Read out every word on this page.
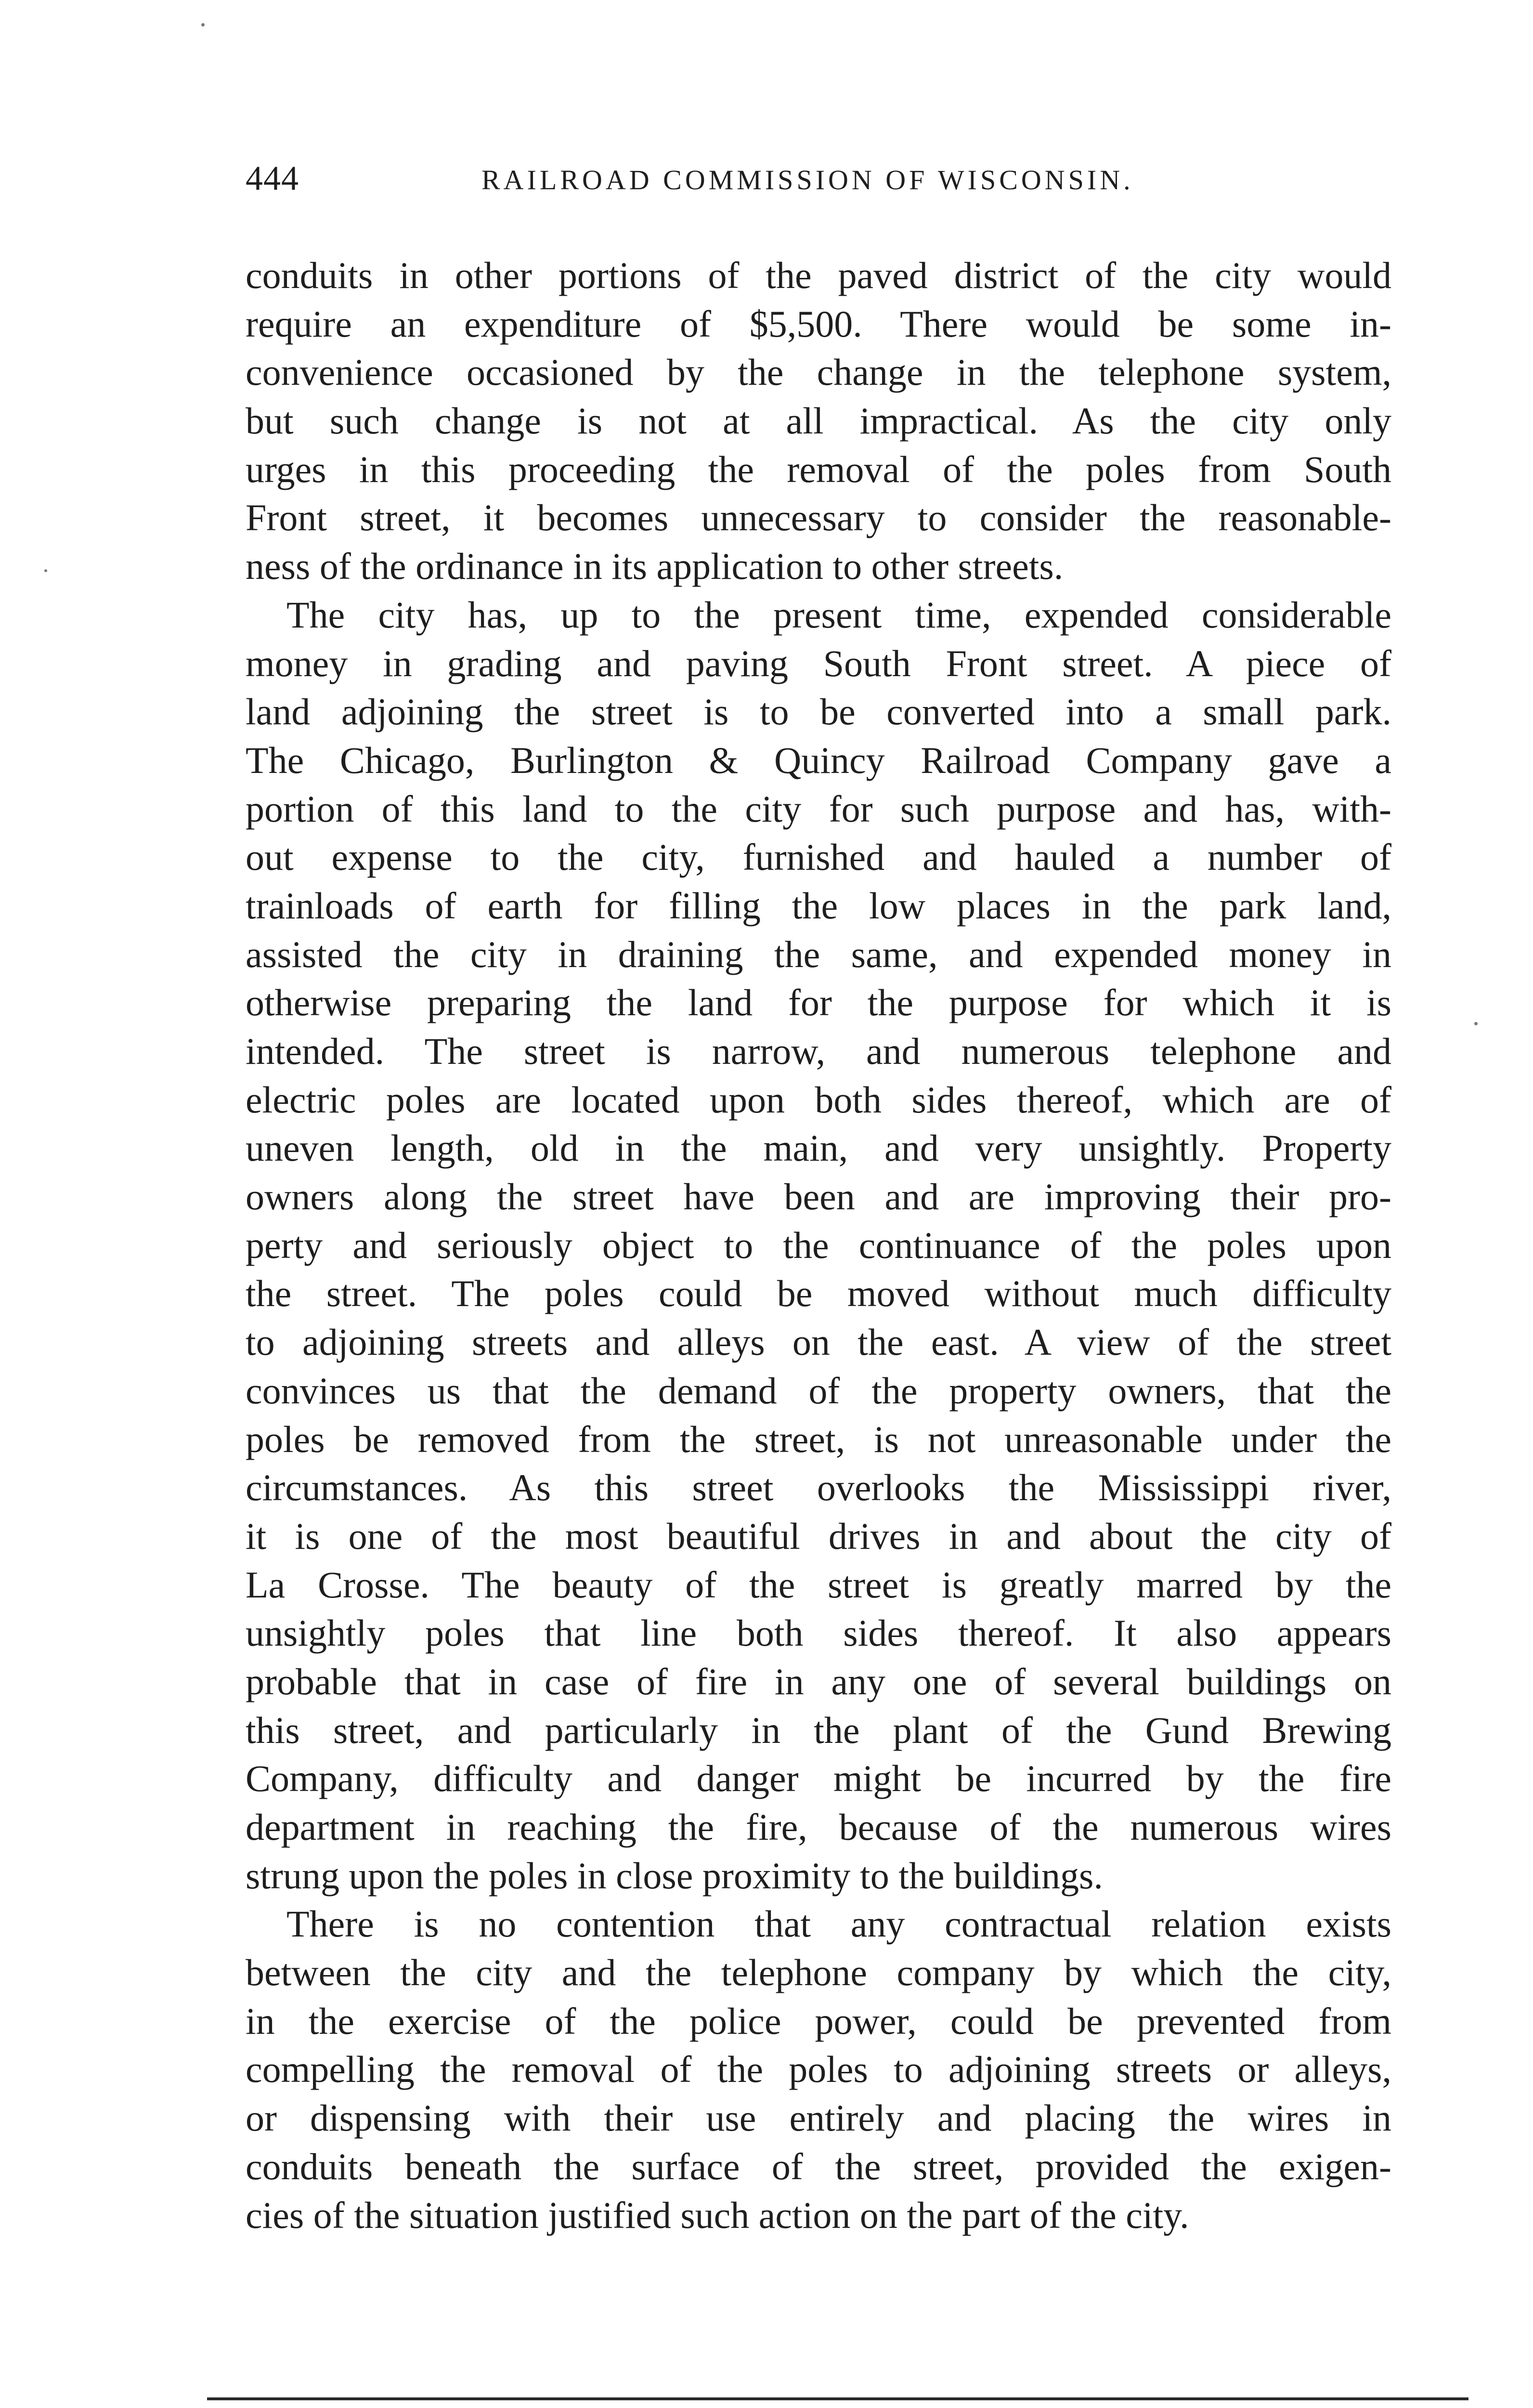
444	RAILROAD COMMISSION OF WISCONSIN.
conduits in other portions of the paved district of the city would
require an expenditure of $5,500. There would be some in-
convenience occasioned by the change in the telephone system,
but such change is not at all impractical. As the city only
urges in this proceeding the removal of the poles from South
Front street, it becomes unnecessary to consider the reasonable-
ness of the ordinance in its application to other streets.
The city has, up to the present time, expended considerable
money in grading and paving South Front street. A piece of
land adjoining the street is to be converted into a small park.
The Chicago, Burlington & Quincy Railroad Company gave a
portion of this land to the city for such purpose and has, with-
out expense to the city, furnished and hauled a number of
trainloads of earth for filling the low places in the park land,
assisted the city in draining the same, and expended money in
otherwise preparing the land for the purpose for which it is
intended. The street is narrow, and numerous telephone and
electric poles are located upon both sides thereof, which are of
uneven length, old in the main, and very unsightly. Property
owners along the street have been and are improving their pro-
perty and seriously object to the continuance of the poles upon
the street. The poles could be moved without much difficulty
to adjoining streets and alleys on the east. A view of the street
convinces us that the demand of the property owners, that the
poles be removed from the street, is not unreasonable under the
circumstances. As this street overlooks the Mississippi river,
it is one of the most beautiful drives in and about the city of
La Crosse. The beauty of the street is greatly marred by the
unsightly poles that line both sides thereof. It also appears
probable that in case of fire in any one of several buildings on
this street, and particularly in the plant of the Gund Brewing
Company, difficulty and danger might be incurred by the fire
department in reaching the fire, because of the numerous wires
strung upon the poles in close proximity to the buildings.
There is no contention that any contractual relation exists
between the city and the telephone company by which the city,
in the exercise of the police power, could be prevented from
compelling the removal of the poles to adjoining streets or alleys,
or dispensing with their use entirely and placing the wires in
conduits beneath the surface of the street, provided the exigen-
cies of the situation justified such action on the part of the city.
